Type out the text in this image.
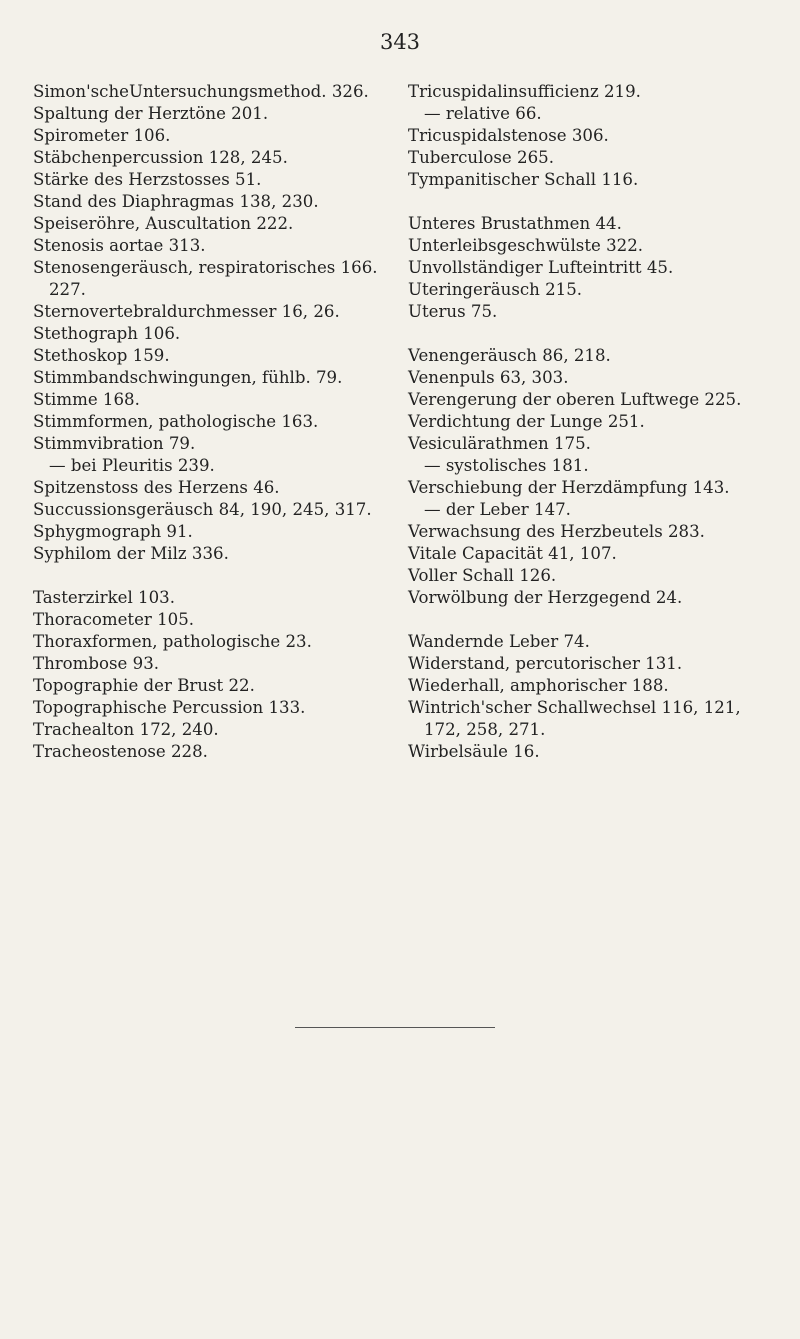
343
Simon'scheUntersuchungsmethod. 326.
Spaltung der Herztöne 201.
Spirometer 106.
Stäbchenpercussion 128, 245.
Stärke des Herzstosses 51.
Stand des Diaphragmas 138, 230.
Speiseröhre, Auscultation 222.
Stenosis aortae 313.
Stenosengeräusch, respiratorisches 166.
227.
Sternovertebraldurchmesser 16, 26.
Stethograph 106.
Stethoskop 159.
Stimmbandschwingungen, fühlb. 79.
Stimme 168.
Stimmformen, pathologische 163.
Stimmvibration 79.
— bei Pleuritis 239.
Spitzenstoss des Herzens 46.
Succussionsgeräusch 84, 190, 245, 317.
Sphygmograph 91.
Syphilom der Milz 336.
Tasterzirkel 103.
Thoracometer 105.
Thoraxformen, pathologische 23.
Thrombose 93.
Topographie der Brust 22.
Topographische Percussion 133.
Trachealton 172, 240.
Tracheostenose 228.
Tricuspidalinsufficienz 219.
— relative 66.
Tricuspidalstenose 306.
Tuberculose 265.
Tympanitischer Schall 116.
Unteres Brustathmen 44.
Unterleibsgeschwülste 322.
Unvollständiger Lufteintritt 45.
Uteringeräusch 215.
Uterus 75.
Venengeräusch 86, 218.
Venenpuls 63, 303.
Verengerung der oberen Luftwege 225.
Verdichtung der Lunge 251.
Vesiculärathmen 175.
— systolisches 181.
Verschiebung der Herzdämpfung 143.
— der Leber 147.
Verwachsung des Herzbeutels 283.
Vitale Capacität 41, 107.
Voller Schall 126.
Vorwölbung der Herzgegend 24.
Wandernde Leber 74.
Widerstand, percutorischer 131.
Wiederhall, amphorischer 188.
Wintrich'scher Schallwechsel 116, 121,
172, 258, 271.
Wirbelsäule 16.
